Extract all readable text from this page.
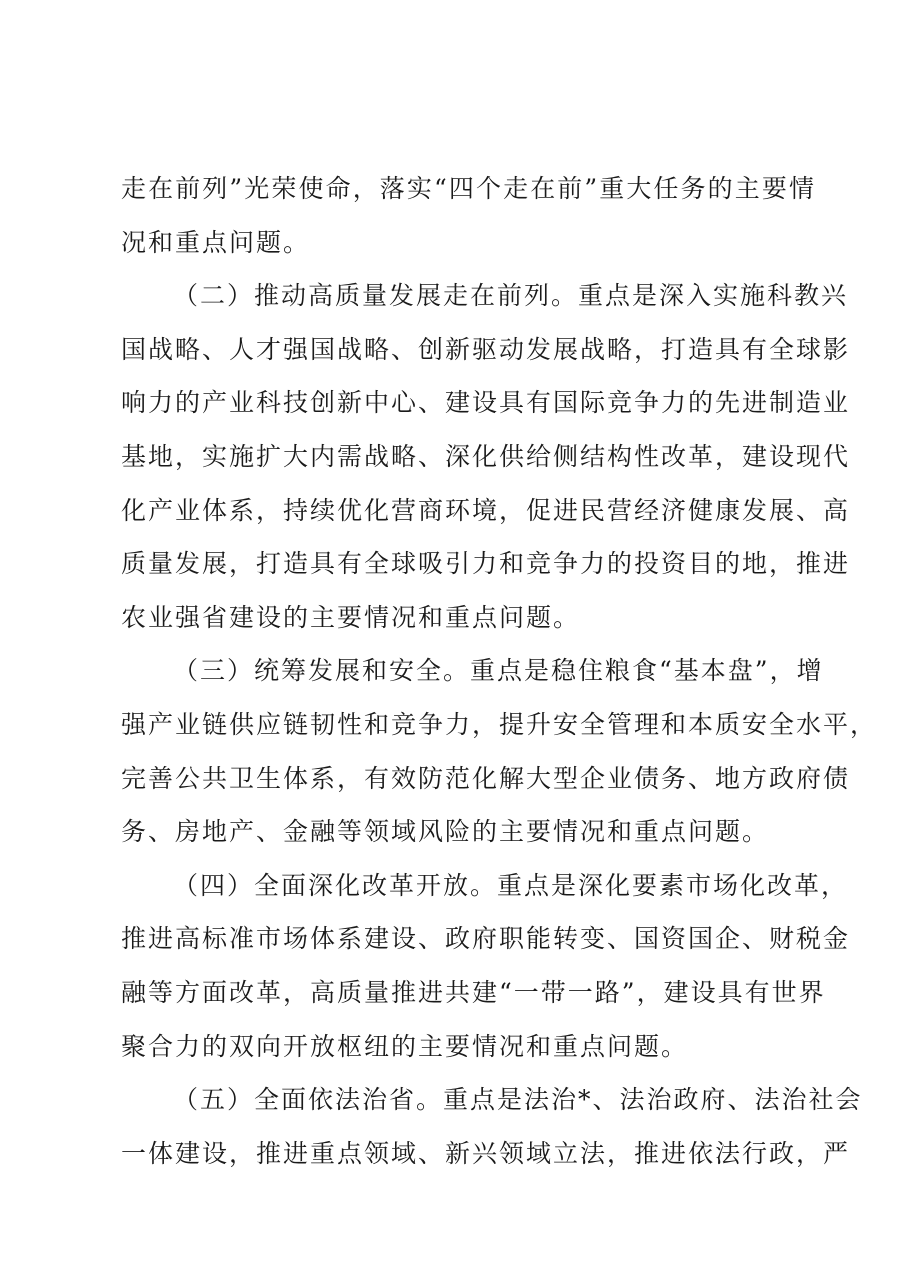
走在前列”光荣使命，落实“四个走在前”重大任务的主要情
况和重点问题。
（二）推动高质量发展走在前列。重点是深入实施科教兴
国战略、人才强国战略、创新驱动发展战略，打造具有全球影
响力的产业科技创新中心、建设具有国际竞争力的先进制造业
基地，实施扩大内需战略、深化供给侧结构性改革，建设现代
化产业体系，持续优化营商环境，促进民营经济健康发展、高
质量发展，打造具有全球吸引力和竞争力的投资目的地，推进
农业强省建设的主要情况和重点问题。
（三）统筹发展和安全。重点是稳住粮食“基本盘”，增
强产业链供应链韧性和竞争力，提升安全管理和本质安全水平，
完善公共卫生体系，有效防范化解大型企业债务、地方政府债
务、房地产、金融等领域风险的主要情况和重点问题。
（四）全面深化改革开放。重点是深化要素市场化改革，
推进高标准市场体系建设、政府职能转变、国资国企、财税金
融等方面改革，高质量推进共建“一带一路”，建设具有世界
聚合力的双向开放枢纽的主要情况和重点问题。
（五）全面依法治省。重点是法治*、法治政府、法治社会
一体建设，推进重点领域、新兴领域立法，推进依法行政，严
